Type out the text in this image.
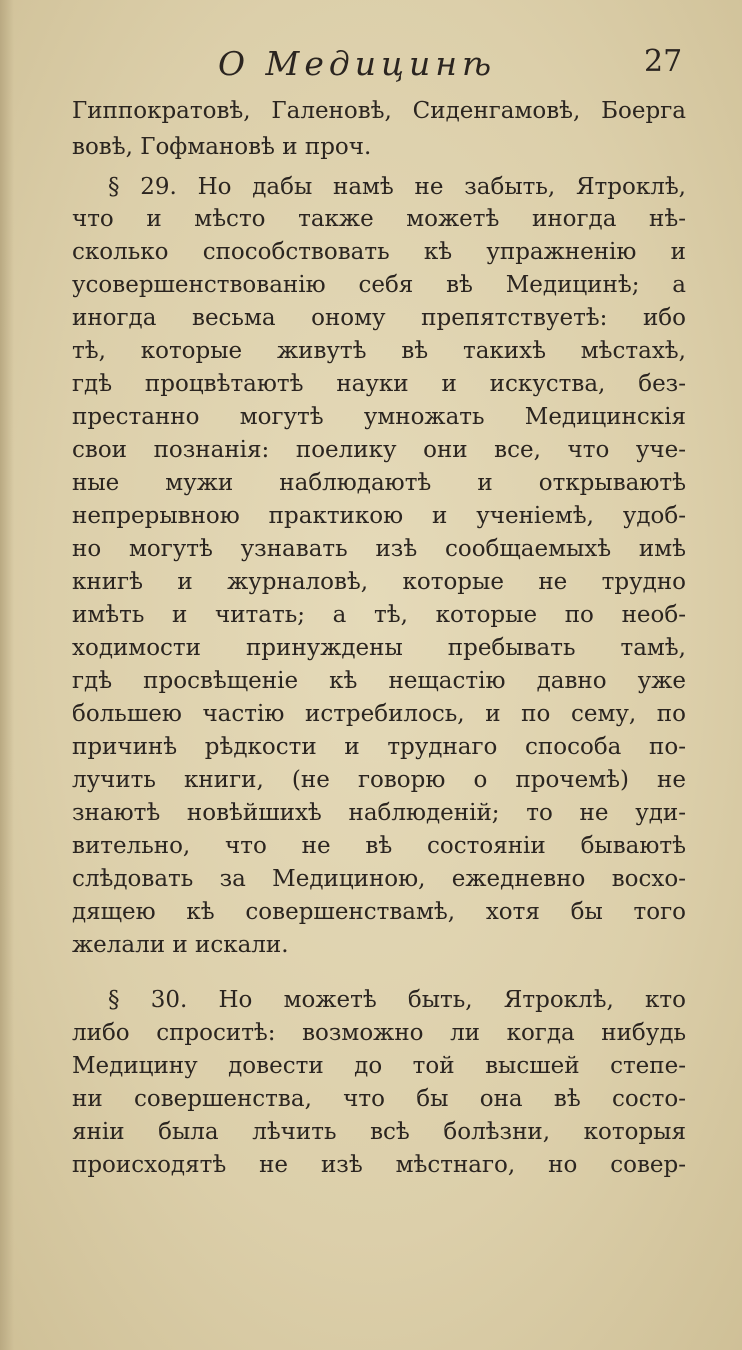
О Медицинѣ	27
Гиппократовѣ, Галеновѣ, Сиденгамовѣ, Боерга
вовѣ, Гофмановѣ и проч.
§ 29. Но дабы намѣ не забыть, Ятроклѣ,
что и мѣсто также можетѣ иногда нѣ-
сколько способствовать кѣ упражненію и
усовершенствованію себя вѣ Медицинѣ; а
иногда весьма оному препятствуетѣ: ибо
тѣ, которые живутѣ вѣ такихѣ мѣстахѣ,
гдѣ процвѣтаютѣ науки и искуства, без-
престанно могутѣ умножать Медицинскія
свои познанія: поелику они все, что уче-
ные мужи наблюдаютѣ и открываютѣ
непрерывною практикою и ученіемѣ, удоб-
но могутѣ узнавать изѣ сообщаемыхѣ имѣ
книгѣ и журналовѣ, которые не трудно
имѣть и читать; а тѣ, которые по необ-
ходимости принуждены пребывать тамѣ,
гдѣ просвѣщеніе кѣ нещастію давно уже
большею частію истребилось, и по сему, по
причинѣ рѣдкости и труднаго способа по-
лучить книги, (не говорю о прочемѣ) не
знаютѣ новѣйшихѣ наблюденій; то не уди-
вительно, что не вѣ состояніи бываютѣ
слѣдовать за Медициною, ежедневно восхо-
дящею кѣ совершенствамѣ, хотя бы того
желали и искали.
§ 30. Но можетѣ быть, Ятроклѣ, кто
либо спроситѣ: возможно ли когда нибудь
Медицину довести до той высшей степе-
ни совершенства, что бы она вѣ состо-
яніи была лѣчить всѣ болѣзни, которыя
происходятѣ не изѣ мѣстнаго, но совер-
